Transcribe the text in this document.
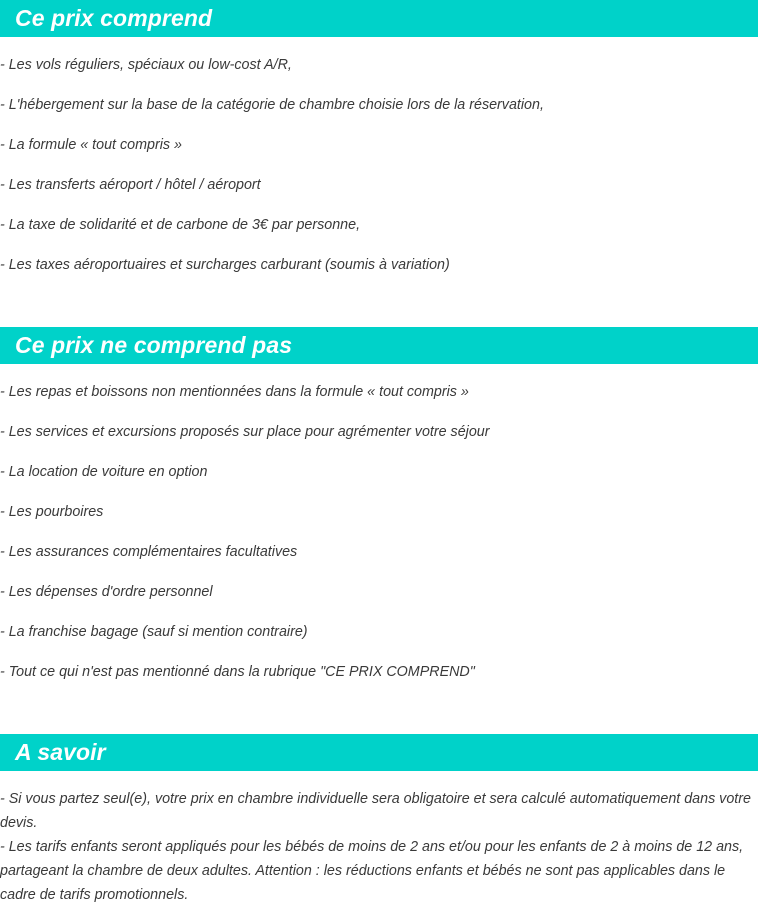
Ce prix comprend
- Les vols réguliers, spéciaux ou low-cost A/R,
- L'hébergement sur la base de la catégorie de chambre choisie lors de la réservation,
- La formule « tout compris »
- Les transferts aéroport / hôtel / aéroport
- La taxe de solidarité et de carbone de 3€ par personne,
- Les taxes aéroportuaires et surcharges carburant (soumis à variation)
Ce prix ne comprend pas
- Les repas et boissons non mentionnées dans la formule « tout compris »
- Les services et excursions proposés sur place pour agrémenter votre séjour
- La location de voiture en option
- Les pourboires
- Les assurances complémentaires facultatives
- Les dépenses d'ordre personnel
- La franchise bagage (sauf si mention contraire)
- Tout ce qui n'est pas mentionné dans la rubrique "CE PRIX COMPREND"
A savoir

- Si vous partez seul(e), votre prix en chambre individuelle sera obligatoire et sera calculé automatiquement dans votre devis.

- Les tarifs enfants seront appliqués pour les bébés de moins de 2 ans et/ou pour les enfants de 2 à moins de 12 ans, partageant la chambre de deux adultes. Attention : les réductions enfants et bébés ne sont pas applicables dans le cadre de tarifs promotionnels.
